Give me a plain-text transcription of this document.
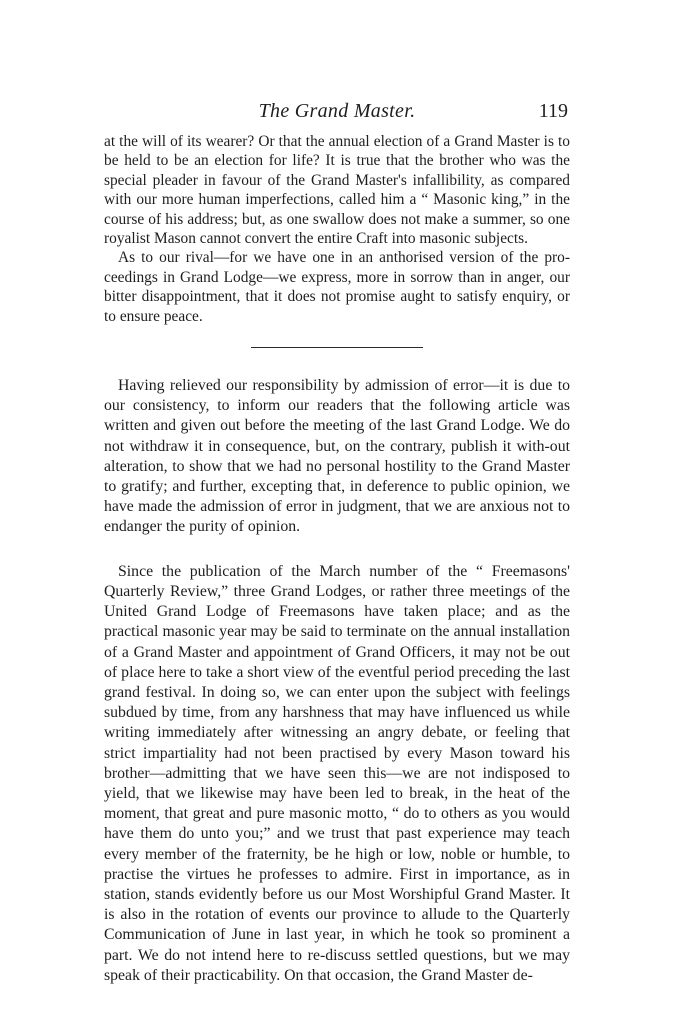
The Grand Master.	119

at the will of its wearer? Or that the annual election of a Grand Master is to be held to be an election for life? It is true that the brother who was the special pleader in favour of the Grand Master's infallibility, as compared with our more human imperfections, called him a “ Masonic king,” in the course of his address; but, as one swallow does not make a summer, so one royalist Mason cannot convert the entire Craft into masonic subjects.

As to our rival—for we have one in an anthorised version of the pro-ceedings in Grand Lodge—we express, more in sorrow than in anger, our bitter disappointment, that it does not promise aught to satisfy enquiry, or to ensure peace.

Having relieved our responsibility by admission of error—it is due to our consistency, to inform our readers that the following article was written and given out before the meeting of the last Grand Lodge. We do not withdraw it in consequence, but, on the contrary, publish it with-out alteration, to show that we had no personal hostility to the Grand Master to gratify; and further, excepting that, in deference to public opinion, we have made the admission of error in judgment, that we are anxious not to endanger the purity of opinion.

Since the publication of the March number of the “ Freemasons' Quarterly Review,” three Grand Lodges, or rather three meetings of the United Grand Lodge of Freemasons have taken place; and as the practical masonic year may be said to terminate on the annual installation of a Grand Master and appointment of Grand Officers, it may not be out of place here to take a short view of the eventful period preceding the last grand festival. In doing so, we can enter upon the subject with feelings subdued by time, from any harshness that may have influenced us while writing immediately after witnessing an angry debate, or feeling that strict impartiality had not been practised by every Mason toward his brother—admitting that we have seen this—we are not indisposed to yield, that we likewise may have been led to break, in the heat of the moment, that great and pure masonic motto, “ do to others as you would have them do unto you;” and we trust that past experience may teach every member of the fraternity, be he high or low, noble or humble, to practise the virtues he professes to admire. First in importance, as in station, stands evidently before us our Most Worshipful Grand Master. It is also in the rotation of events our province to allude to the Quarterly Communication of June in last year, in which he took so prominent a part. We do not intend here to re-discuss settled questions, but we may speak of their practicability. On that occasion, the Grand Master de-
